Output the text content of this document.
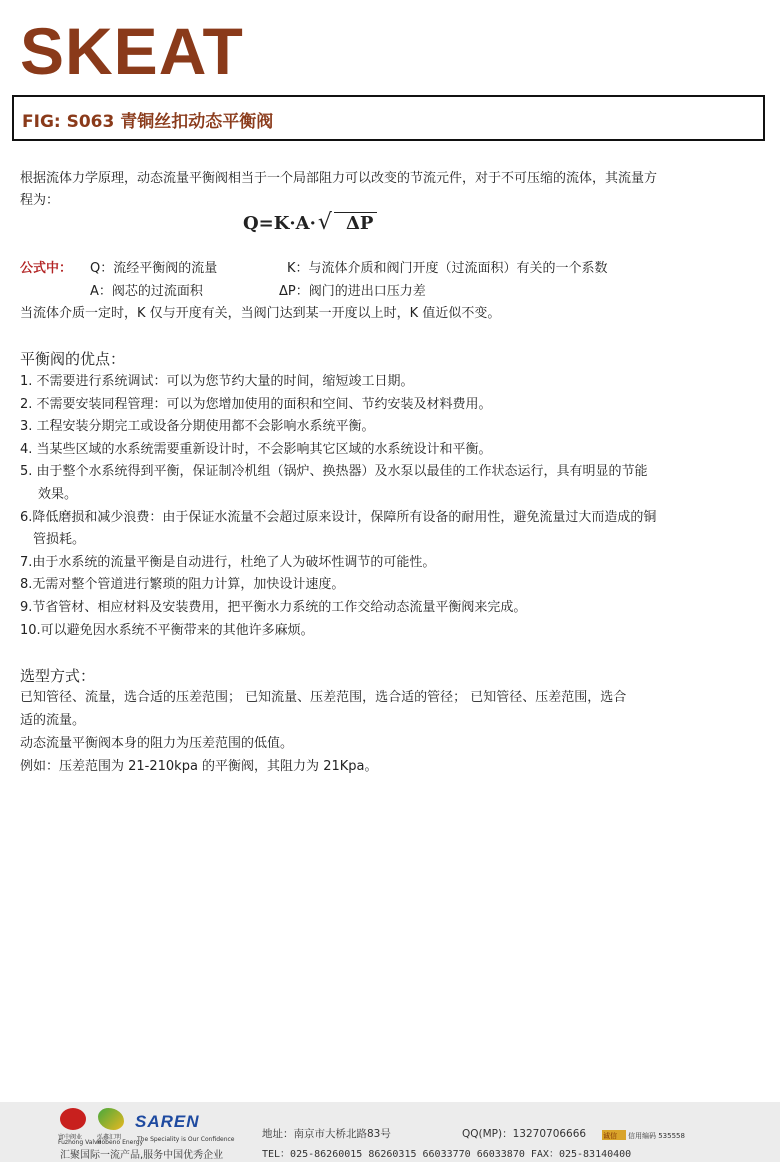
SKEAT
FIG: S063 青铜丝扣动态平衡阀
根据流体力学原理，动态流量平衡阀相当于一个局部阻力可以改变的节流元件，对于不可压缩的流体，其流量方
程为：
Q=K·A·√ ΔP
公式中： Q：流经平衡阀的流量	K：与流体介质和阀门开度（过流面积）有关的一个系数
A：阀芯的过流面积	ΔP：阀门的进出口压力差
当流体介质一定时，K 仅与开度有关，当阀门达到某一开度以上时，K 值近似不变。
平衡阀的优点：
1. 不需要进行系统调试：可以为您节约大量的时间，缩短竣工日期。
2. 不需要安装同程管理：可以为您增加使用的面积和空间、节约安装及材料费用。
3. 工程安装分期完工或设备分期使用都不会影响水系统平衡。
4. 当某些区域的水系统需要重新设计时，不会影响其它区域的水系统设计和平衡。
5. 由于整个水系统得到平衡，保证制冷机组（锅炉、换热器）及水泵以最佳的工作状态运行，具有明显的节能
效果。
6.降低磨损和减少浪费：由于保证水流量不会超过原来设计，保障所有设备的耐用性，避免流量过大而造成的铜
管损耗。
7.由于水系统的流量平衡是自动进行，杜绝了人为破坏性调节的可能性。
8.无需对整个管道进行繁琐的阻力计算，加快设计速度。
9.节省管材、相应材料及安装费用，把平衡水力系统的工作交给动态流量平衡阀来完成。
10.可以避免因水系统不平衡带来的其他许多麻烦。
选型方式：
已知管径、流量，选合适的压差范围； 已知流量、压差范围，选合适的管径； 已知管径、压差范围，选合
适的流量。
动态流量平衡阀本身的阻力为压差范围的低值。
例如：压差范围为 21-210kpa 的平衡阀，其阻力为 21Kpa。
富中阀业
Fuzhong Valve
弘鑫汇明
Hobeno Energy
SAREN
The Speciality is Our Confidence
汇聚国际一流产品,服务中国优秀企业
地址：南京市大桥北路83号	QQ(MP)：13270706666 诚信 信用编码 535558
TEL：025-86260015 86260315 66033770 66033870 FAX：025-83140400
